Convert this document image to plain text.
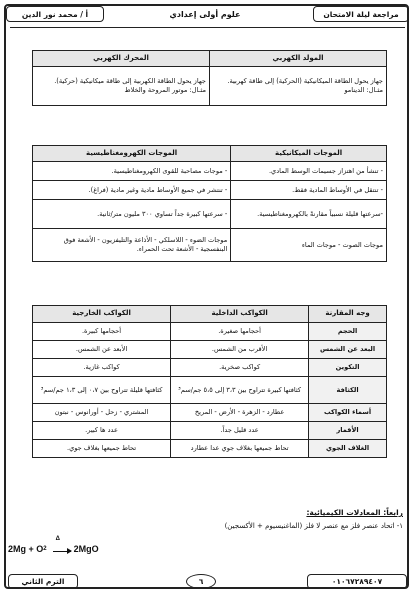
مراجعة ليلة الامتحان
علوم أولى إعدادي
أ / محمد نور الدين
المولد الكهربي	المحرك الكهربي
جهاز يحول الطاقة الميكانيكية (الحركية) إلى طاقة كهربية. مثـال: الدينامو	جهاز يحول الطاقة الكهربية إلى طاقة ميكانيكية (حركية). مثـال: موتور المروحة والخلاط
الموجات الميكانيكية	الموجات الكهرومغناطيسية
- تنشأ من اهتزاز جسيمات الوسط المادي.	- موجات مصاحبة للقوى الكهرومغناطيسية.
- تنتقل في الأوساط المادية فقط.	- تنتشر في جميع الأوساط مادية وغير مادية (فراغ).
-سرعتها قليلة نسبياً مقارنةً بالكهرومغناطيسية.	- سرعتها كبيرة جداً تساوي ٣٠٠ مليون متر/ثانية.
موجات الصوت - موجات الماء	موجات الضوء - اللاسلكي - الأذاعة والتليفزيون - الأشعة فوق البنفسجية - الأشعة تحت الحمراء.
وجه المقارنة	الكواكب الداخلية	الكواكب الخارجية
الحجم	أحجامها صغيرة.	أحجامها كبيرة.
البعد عن الشمس	الأقرب من الشمس.	الأبعد عن الشمس.
التكوين	كواكب صخرية.	كواكب غازية.
الكثافة	كثافتها كبيرة تتراوح بين ٣،٣ إلى ٥،٥ جم/سم³	كثافتها قليلة تتراوح بين ٠،٧ إلى ١،٣ جم/سم³
أسماء الكواكب	عطارد - الزهرة - الأرض - المريخ	المشتري - زحل - أورانوس - نبتون
الأقمار	عدد قليل جداً.	عدد ها كبير.
الغلاف الجوي	تحاط جميعها بغلاف جوي عدا عطارد	تحاط جميعها بغلاف جوي.
رابعاً: المعادلات الكيميائية:
١- اتحاد عنصر فلز مع عنصر لا فلز (الماغنيسيوم + الأكسجين)
2Mg + O 2
Δ
2MgO
الترم الثاني	٦	٠١٠٦٧٢٨٩٤٠٧
